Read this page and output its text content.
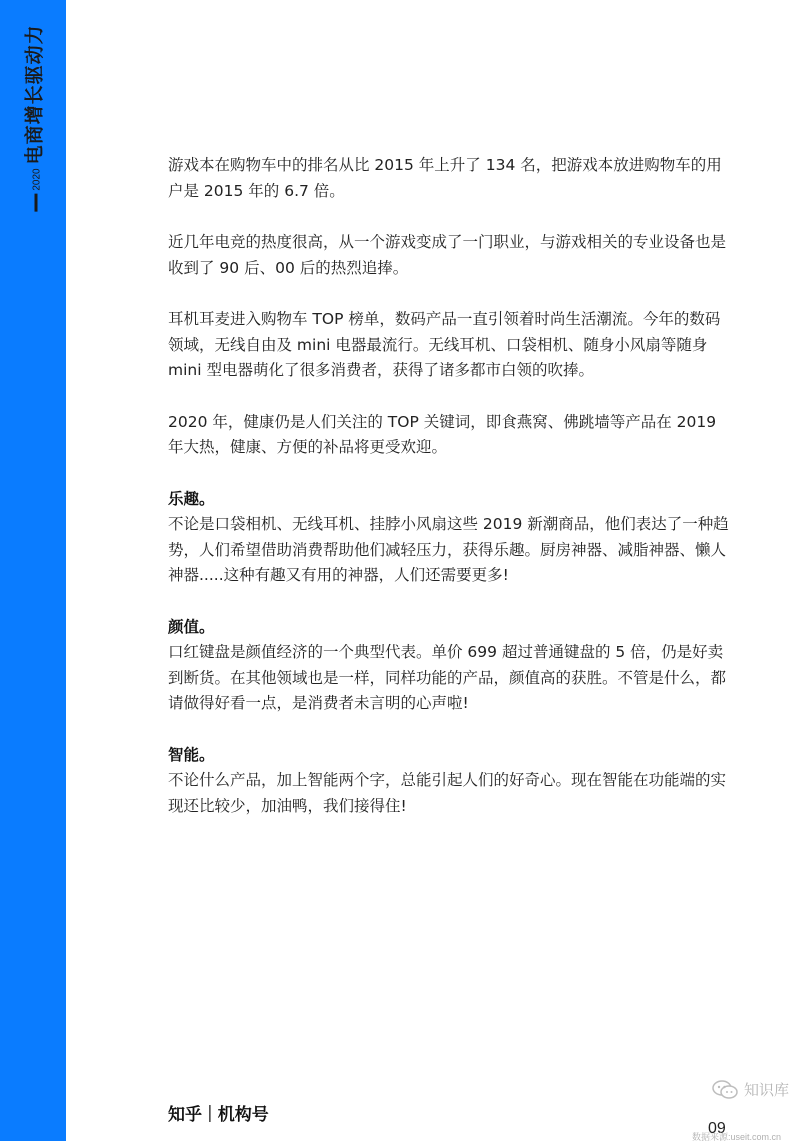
2020
电商增长驱动力

游戏本在购物车中的排名从比 2015 年上升了 134 名，把游戏本放进购物车的用户是 2015 年的 6.7 倍。

近几年电竞的热度很高，从一个游戏变成了一门职业，与游戏相关的专业设备也是收到了 90 后、00 后的热烈追捧。

耳机耳麦进入购物车 TOP 榜单，数码产品一直引领着时尚生活潮流。今年的数码领域，无线自由及 mini 电器最流行。无线耳机、口袋相机、随身小风扇等随身 mini 型电器萌化了很多消费者，获得了诸多都市白领的吹捧。

2020 年，健康仍是人们关注的 TOP 关键词，即食燕窝、佛跳墙等产品在 2019 年大热，健康、方便的补品将更受欢迎。

乐趣。
不论是口袋相机、无线耳机、挂脖小风扇这些 2019 新潮商品，他们表达了一种趋势，人们希望借助消费帮助他们减轻压力，获得乐趣。厨房神器、减脂神器、懒人神器.....这种有趣又有用的神器，人们还需要更多!
颜值。
口红键盘是颜值经济的一个典型代表。单价 699 超过普通键盘的 5 倍，仍是好卖到断货。在其他领域也是一样，同样功能的产品，颜值高的获胜。不管是什么，都请做得好看一点，是消费者未言明的心声啦!
智能。
不论什么产品，加上智能两个字，总能引起人们的好奇心。现在智能在功能端的实现还比较少，加油鸭，我们接得住!
知乎 | 机构号
知识库
09
数据来源:useit.com.cn
